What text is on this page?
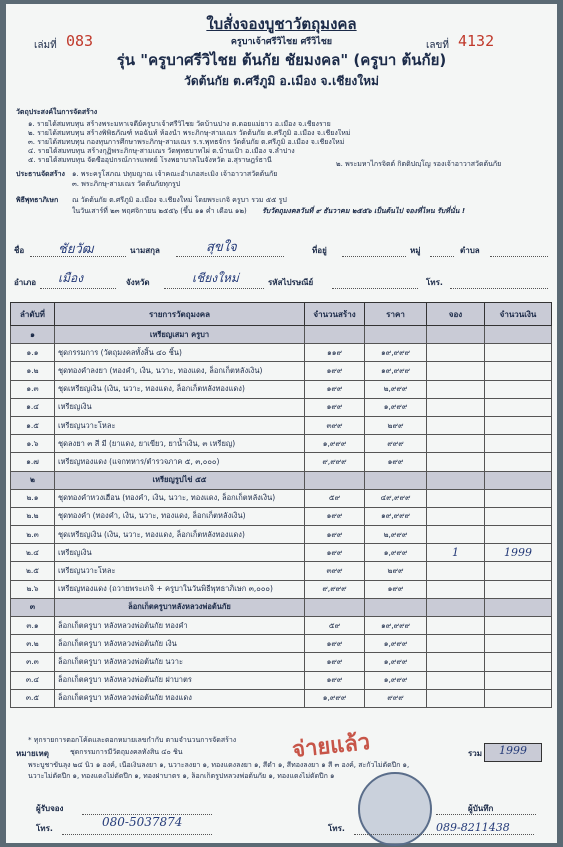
ใบสั่งจองบูชาวัตถุมงคล
เล่มที่ 083	เลขที่ 4132
ครูบาเจ้าศรีวิไชย ศรีวิไชย
รุ่น "ครูบาศรีวิไชย ต้นกัย ชัยมงคล" (ครูบา ต้นกัย)
วัดต้นกัย ต.ศรีภูมิ อ.เมือง จ.เชียงใหม่
วัตถุประสงค์ในการจัดสร้าง
๑. รายได้สมทบทุน สร้างพระมหาเจดีย์ครูบาเจ้าศรีวิไชย วัดบ้านปาง ต.ดอยแม่ยาว อ.เมือง จ.เชียงราย
๒. รายได้สมทบทุน สร้างพิพิธภัณฑ์ หอฉันท์ ห้องน้ำ พระภิกษุ-สามเณร วัดต้นกัย ต.ศรีภูมิ อ.เมือง จ.เชียงใหม่
๓. รายได้สมทบทุน กองทุนการศึกษาพระภิกษุ-สามเณร ร.ร.พุทธจักร วัดต้นกัย ต.ศรีภูมิ อ.เมือง จ.เชียงใหม่
๔. รายได้สมทบทุน สร้างกุฏิพระภิกษุ-สามเณร วัดพุทธบาทไผ่ ต.บ้านเป้า อ.เมือง จ.ลำปาง
๕. รายได้สมทบทุน จัดซื้ออุปกรณ์การแพทย์ โรงพยาบาลในจังหวัด อ.สุราษฎร์ธานี
ประธานจัดสร้าง ๑. พระครูโสภณ ปทุมญาณ เจ้าคณะอำเภอสะเมิง เจ้าอาวาสวัดต้นกัย
๒. พระมหาไกรจิตต์ กิตติปญฺโญ รองเจ้าอาวาสวัดต้นกัย
๓. พระภิกษุ-สามเณร วัดต้นกัยทุกรูป
พิธีพุทธาภิเษก ณ วัดต้นกัย ต.ศรีภูมิ อ.เมือง จ.เชียงใหม่ โดยพระเกจิ ครูบา รวม ๕๕ รูป
ในวันเสาร์ที่ ๒๓ พฤศจิกายน ๒๕๕๖ (ขึ้น ๑๑ ค่ำ เดือน ๑๒) รับวัตถุมงคลวันที่ ๙ ธันวาคม ๒๕๕๖ เป็นต้นไป จองที่ไหน รับที่นั่น !
ชื่อ	ชัยวัฒ	นามสกุล	สุขใจ	ที่อยู่	หมู่	ตำบล
อำเภอ เมือง	จังหวัด	เชียงใหม่	รหัสไปรษณีย์	โทร.
ลำดับที่	รายการวัตถุมงคล	จำนวนสร้าง	ราคา	จอง	จำนวนเงิน
๑	เหรียญเสมา ครูบา				
๑.๑	ชุดกรรมการ (วัตถุมงคลทั้งสิ้น ๔๐ ชิ้น)	๑๑๙	๑๙,๙๙๙		
๑.๒	ชุดทองคำลงยา (ทองคำ, เงิน, นวาะ, ทองแดง, ล็อกเก็ตหลังเงิน)	๑๙๙	๑๙,๙๙๙		
๑.๓	ชุดเหรียญเงิน (เงิน, นวาะ, ทองแดง, ล็อกเก็ตหลังทองแดง)	๑๙๙	๒,๙๙๙		
๑.๔	เหรียญเงิน	๑๙๙	๑,๙๙๙		
๑.๕	เหรียญนวาะโหละ	๓๙๙	๒๙๙		
๑.๖	ชุดลงยา ๓ สี มี (ยาแดง, ยาเขียว, ยาน้ำเงิน, ๓ เหรียญ)	๑,๙๙๙	๙๙๙		
๑.๗	เหรียญทองแดง (แจกทหาร/ตำรวจภาค ๕, ๓,๐๐๐)	๙,๙๙๙	๑๙๙		
๒	เหรียญรูปไข่ ๕๕				
๒.๑	ชุดทองคำหวงเฮือน (ทองคำ, เงิน, นวาะ, ทองแดง, ล็อกเก็ตหลังเงิน)	๕๙	๔๙,๙๙๙		
๒.๒	ชุดทองคำ (ทองคำ, เงิน, นวาะ, ทองแดง, ล็อกเก็ตหลังเงิน)	๑๙๙	๑๙,๙๙๙		
๒.๓	ชุดเหรียญเงิน (เงิน, นวาะ, ทองแดง, ล็อกเก็ตหลังทองแดง)	๑๙๙	๒,๙๙๙		
๒.๔	เหรียญเงิน	๑๙๙	๑,๙๙๙	1	1999
๒.๕	เหรียญนวาะโหละ	๓๙๙	๒๙๙		
๒.๖	เหรียญทองแดง (ถวายพระเกจิ + ครูบาในวันพิธีพุทธาภิเษก ๓,๐๐๐)	๙,๙๙๙	๑๙๙		
๓	ล็อกเก็ตครูบาหลังหลวงพ่อต้นกัย				
๓.๑	ล็อกเก็ตครูบา หลังหลวงพ่อต้นกัย ทองคำ	๕๙	๑๙,๙๙๙		
๓.๒	ล็อกเก็ตครูบา หลังหลวงพ่อต้นกัย เงิน	๑๙๙	๑,๙๙๙		
๓.๓	ล็อกเก็ตครูบา หลังหลวงพ่อต้นกัย นวาะ	๑๙๙	๑,๙๙๙		
๓.๔	ล็อกเก็ตครูบา หลังหลวงพ่อต้นกัย ฝาบาตร	๑๙๙	๑,๙๙๙		
๓.๕	ล็อกเก็ตครูบา หลังหลวงพ่อต้นกัย ทองแดง	๑,๙๙๙	๙๙๙		
จ่ายแล้ว	รวม	1999
* ทุกรายการตอกโค้ดและตอกหมายเลขกำกับ ตามจำนวนการจัดสร้าง
หมายเหตุ	ชุดกรรมการมีวัตถุมงคลทั้งสิ้น ๔๐ ชิ้น
พระบูชาขันลุง ๒๔ นิ้ว ๑ องค์, เนื้อเงินลงยา ๑, นวาะลงยา ๑, ทองแดงลงยา ๑, สีดำ ๑, สีทองลงยา ๑ สี ๓ องค์, สะกัวไม่ตัดปีก ๑,
นวาะไม่ตัดปีก ๑, ทองแดงไม่ตัดปีก ๑, ทองฝาบาตร ๑, ล็อกเก็ตรูปหลวงพ่อต้นกัย ๑, ทองแดงไม่ตัดปีก ๑
ผู้รับจอง
โทร.	080-5037874
ผู้บันทึก
โทร.	089-8211438
